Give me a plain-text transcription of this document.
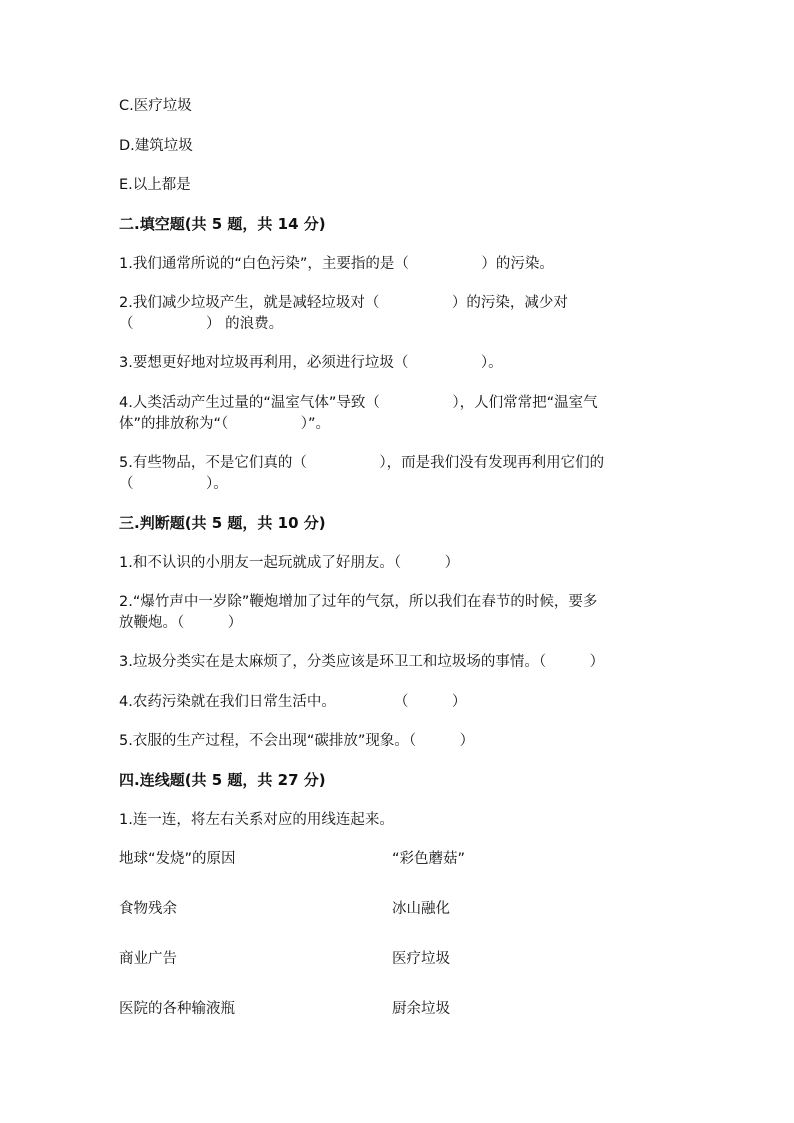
C.医疗垃圾
D.建筑垃圾
E.以上都是
二.填空题(共 5 题，共 14 分)
1.我们通常所说的“白色污染”，主要指的是（　　　　　）的污染。
2.我们减少垃圾产生，就是减轻垃圾对（　　　　　）的污染，减少对
（　　　　　） 的浪费。
3.要想更好地对垃圾再利用，必须进行垃圾（　　　　　）。
4.人类活动产生过量的“温室气体”导致（　　　　　），人们常常把“温室气
体”的排放称为“（　　　　　）”。
5.有些物品，不是它们真的（　　　　　），而是我们没有发现再利用它们的
（　　　　　）。
三.判断题(共 5 题，共 10 分)
1.和不认识的小朋友一起玩就成了好朋友。（　　　）
2.“爆竹声中一岁除”鞭炮增加了过年的气氛，所以我们在春节的时候，要多
放鞭炮。（　　　）
3.垃圾分类实在是太麻烦了，分类应该是环卫工和垃圾场的事情。（　　　）
4.农药污染就在我们日常生活中。　　　　　（　　　）
5.衣服的生产过程，不会出现“碳排放”现象。（　　　）
四.连线题(共 5 题，共 27 分)
1.连一连，将左右关系对应的用线连起来。
地球“发烧”的原因	“彩色蘑菇”
食物残余	冰山融化
商业广告	医疗垃圾
医院的各种输液瓶	厨余垃圾
